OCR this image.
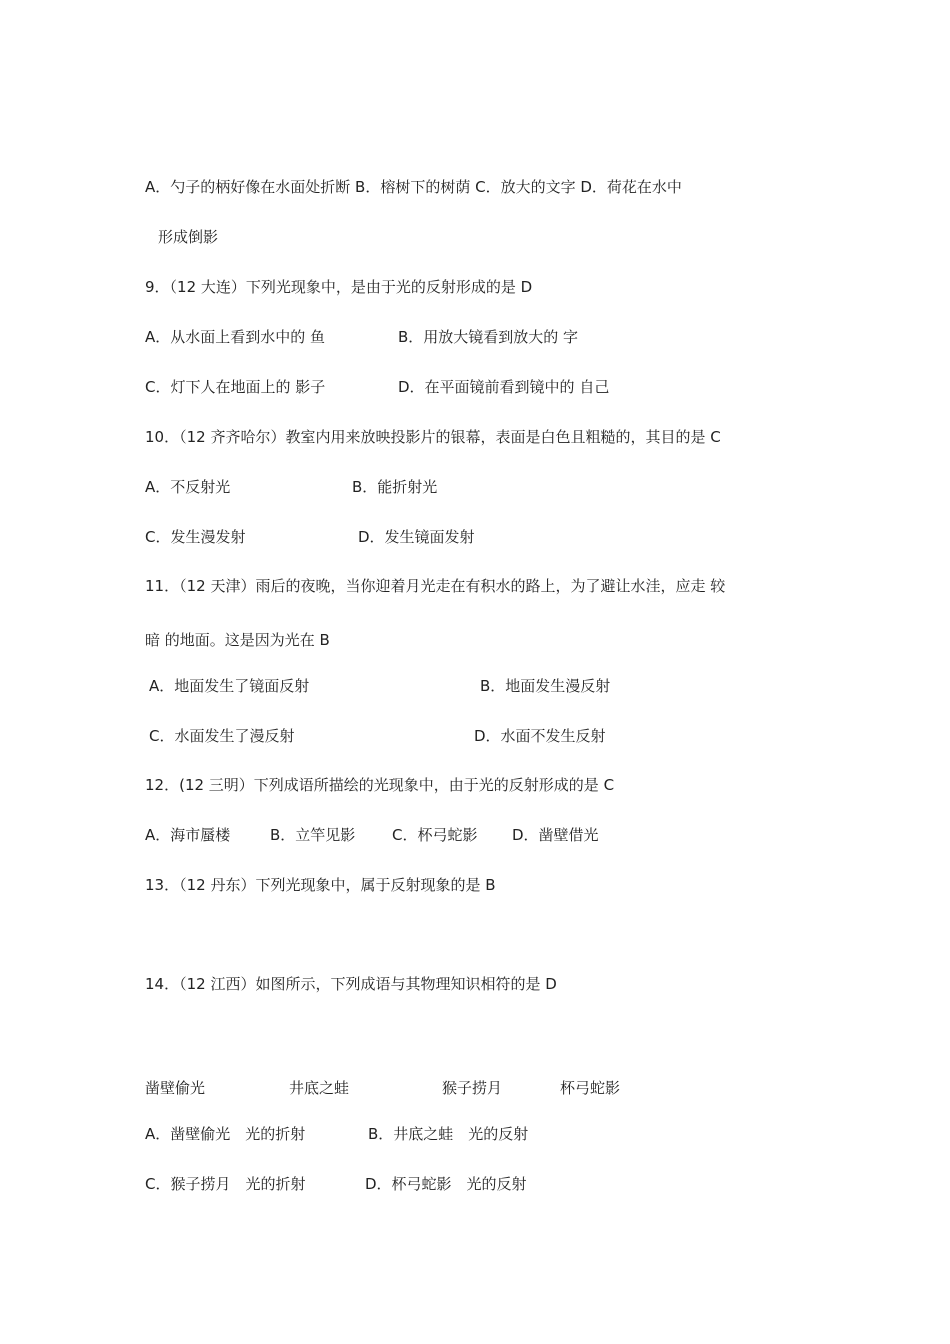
A．勺子的柄好像在水面处折断 B．榕树下的树荫 C．放大的文字 D．荷花在水中
形成倒影
9．（12 大连）下列光现象中，是由于光的反射形成的是 D
A．从水面上看到水中的 鱼	B．用放大镜看到放大的 字
C．灯下人在地面上的 影子	D．在平面镜前看到镜中的 自己
10．（12 齐齐哈尔）教室内用来放映投影片的银幕，表面是白色且粗糙的，其目的是 C
A．不反射光	B．能折射光
C．发生漫发射	D．发生镜面发射
11．（12 天津）雨后的夜晚，当你迎着月光走在有积水的路上，为了避让水洼，应走 较
暗 的地面。这是因为光在 B
A．地面发生了镜面反射	B．地面发生漫反射
C．水面发生了漫反射	D．水面不发生反射
12．(12 三明）下列成语所描绘的光现象中，由于光的反射形成的是 C
A．海市蜃楼	B．立竿见影 C．杯弓蛇影 D．凿壁借光
13．（12 丹东）下列光现象中，属于反射现象的是 B
14．（12 江西）如图所示，下列成语与其物理知识相符的是 D
凿壁偷光	井底之蛙	猴子捞月	杯弓蛇影
A．凿壁偷光　光的折射	B．井底之蛙　光的反射
C．猴子捞月　光的折射	D．杯弓蛇影　光的反射
